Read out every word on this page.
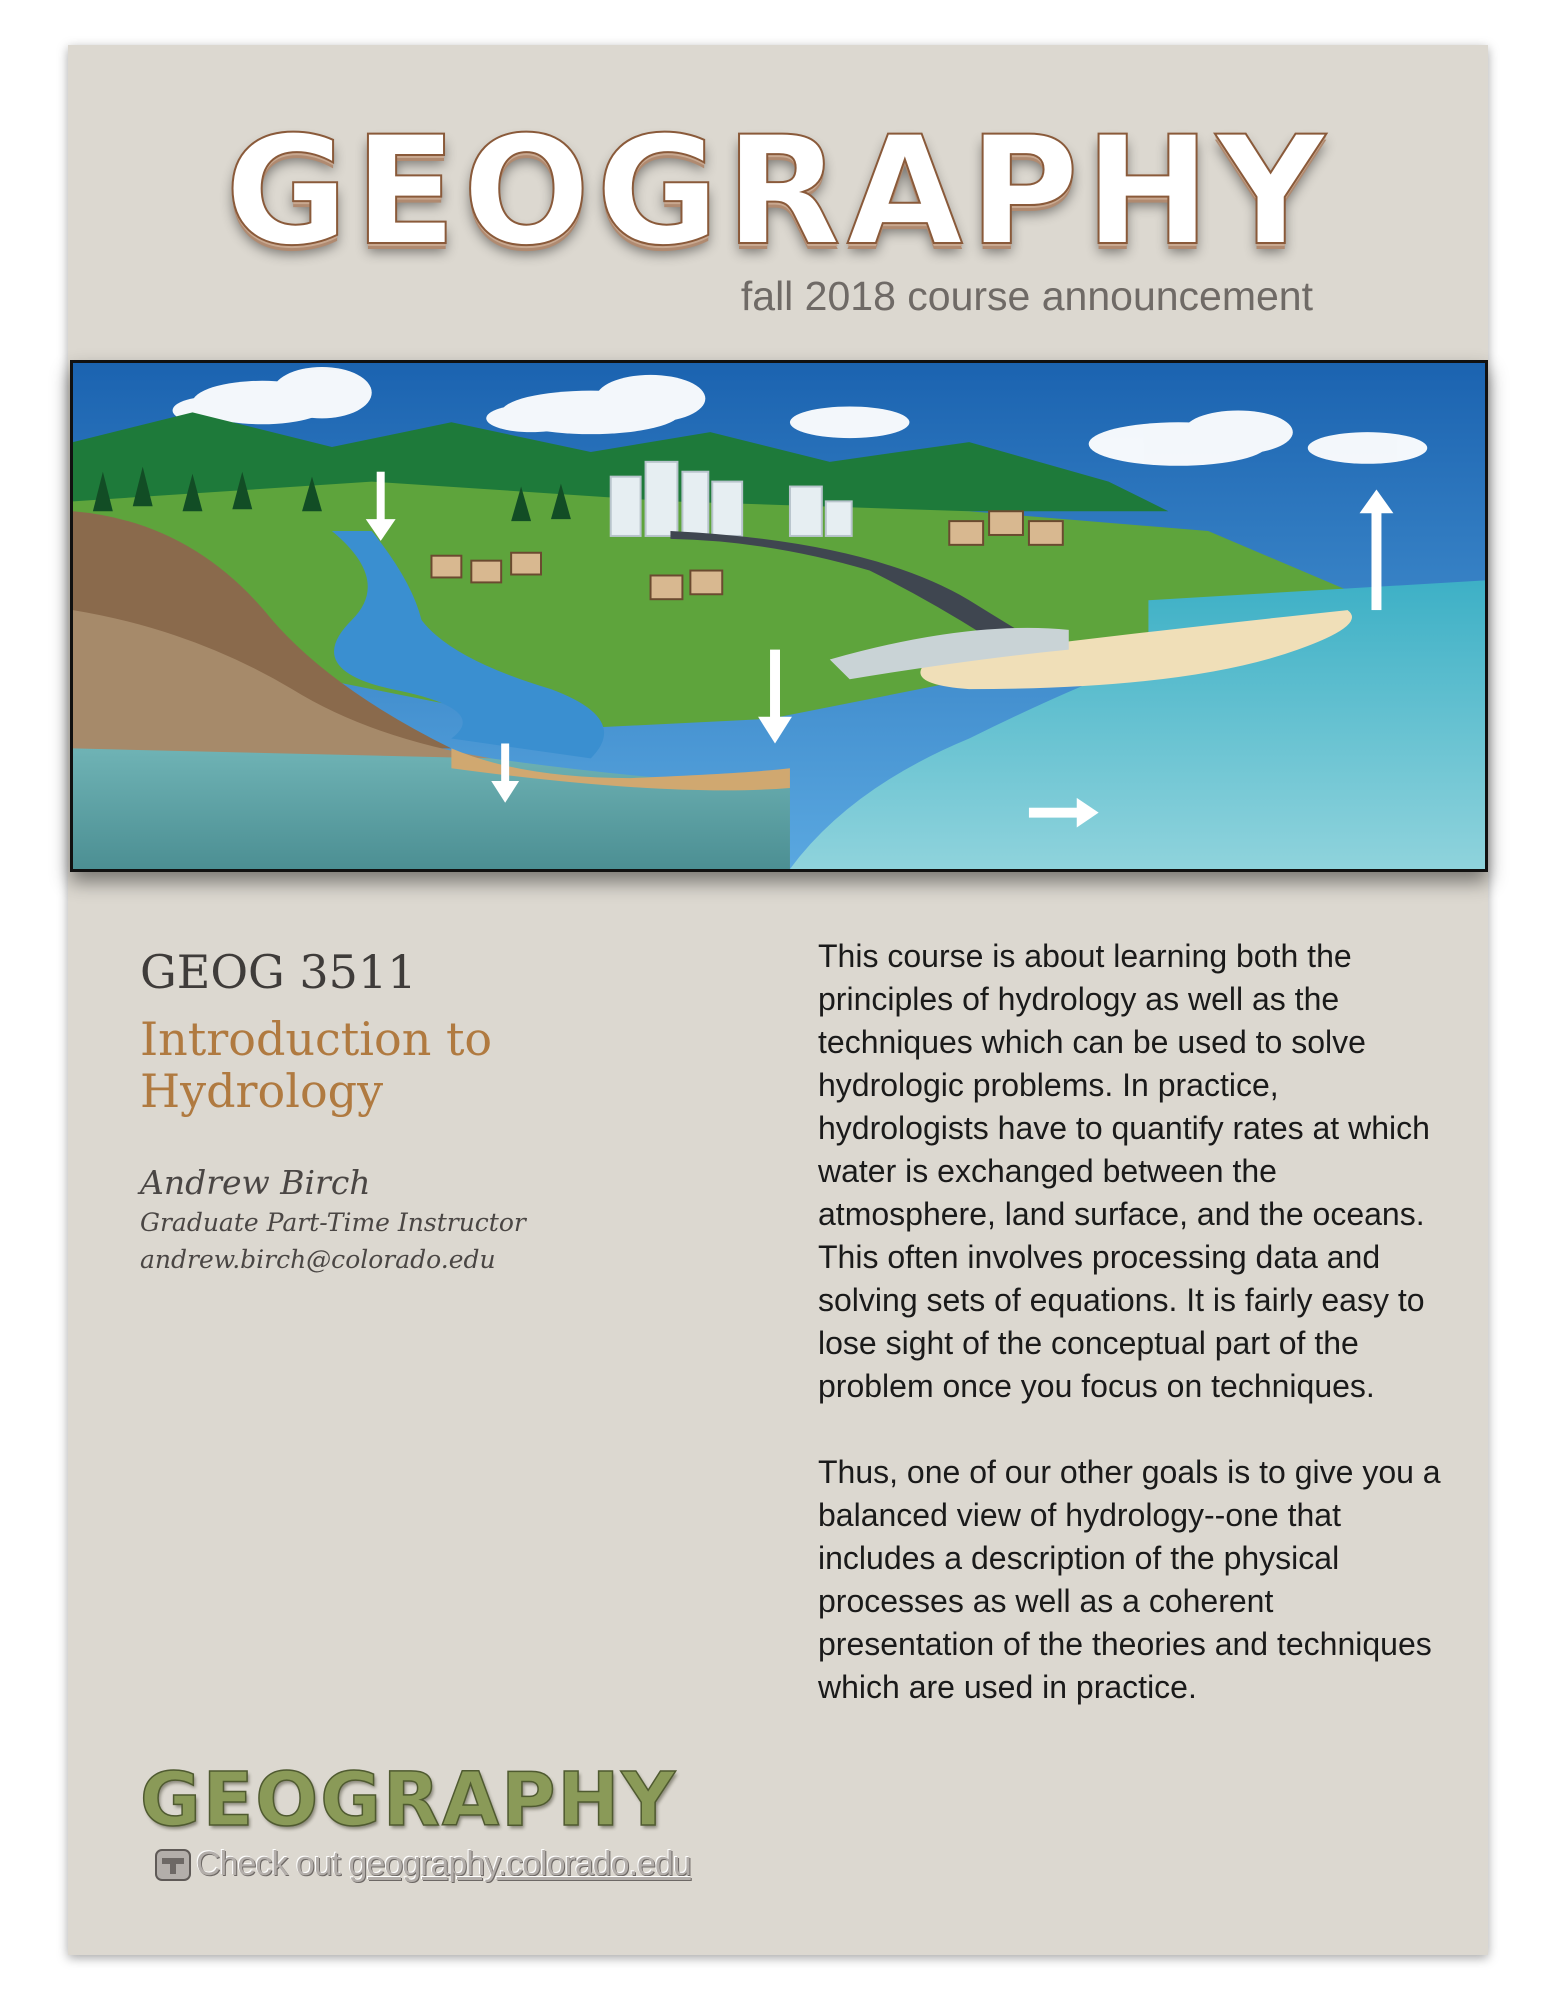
GEOGRAPHY
fall 2018 course announcement
GEOG 3511
Introduction to Hydrology
Andrew Birch
Graduate Part-Time Instructor
andrew.birch@colorado.edu

This course is about learning both the principles of hydrology as well as the techniques which can be used to solve hydrologic problems. In practice, hydrologists have to quantify rates at which water is exchanged between the atmosphere, land surface, and the oceans. This often involves processing data and solving sets of equations. It is fairly easy to lose sight of the conceptual part of the problem once you focus on techniques.

Thus, one of our other goals is to give you a balanced view of hydrology--one that includes a description of the physical processes as well as a coherent presentation of the theories and techniques which are used in practice.

GEOGRAPHY
Check out geography.colorado.edu
